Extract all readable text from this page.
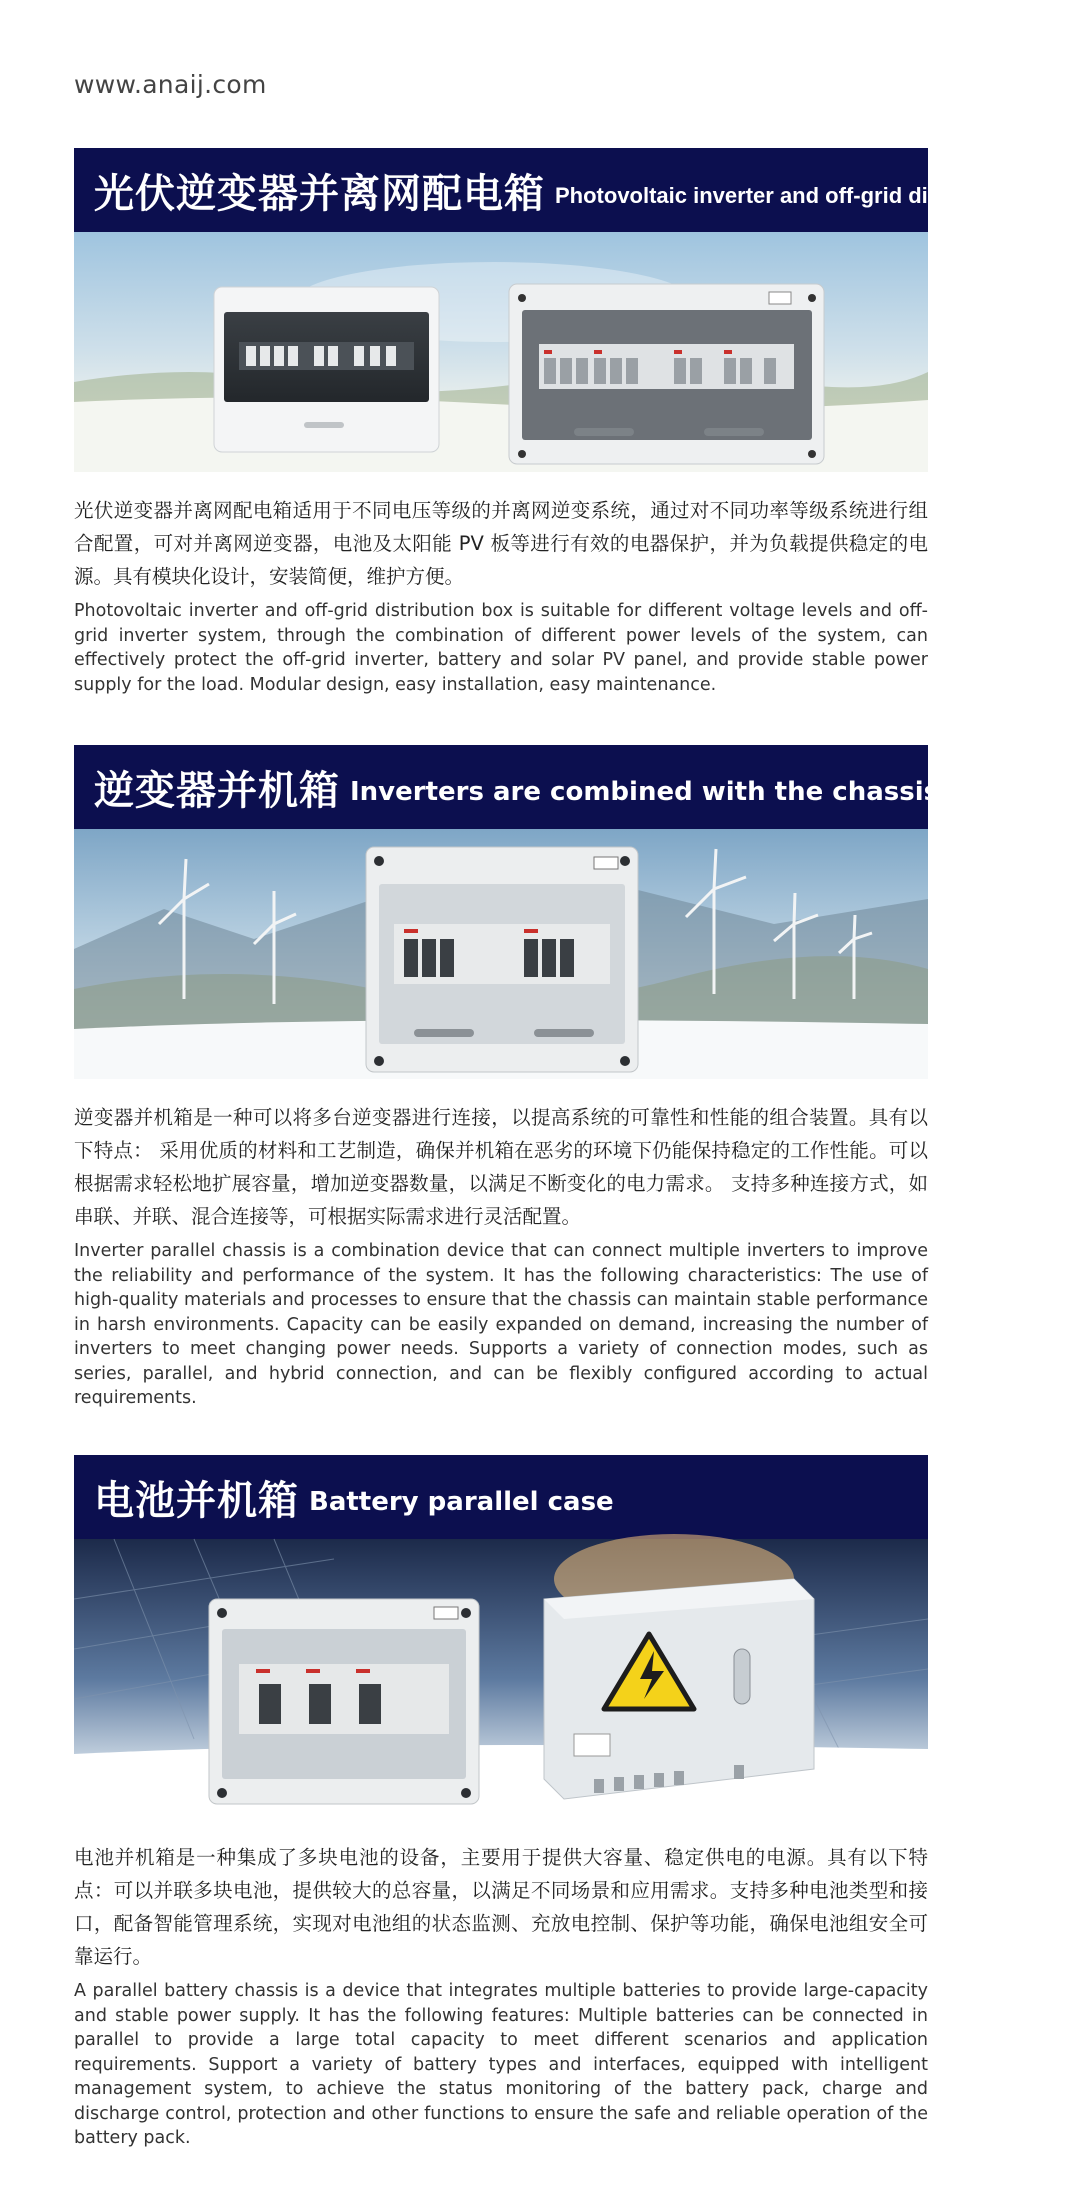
www.anaij.com
光伏逆变器并离网配电箱 Photovoltaic inverter and off-grid distribution box
光伏逆变器并离网配电箱适用于不同电压等级的并离网逆变系统，通过对不同功率等级系统进行组合配置，可对并离网逆变器，电池及太阳能 PV 板等进行有效的电器保护，并为负载提供稳定的电源。具有模块化设计，安装简便，维护方便。
Photovoltaic inverter and off-grid distribution box is suitable for different voltage levels and off-grid inverter system, through the combination of different power levels of the system, can effectively protect the off-grid inverter, battery and solar PV panel, and provide stable power supply for the load. Modular design, easy installation, easy maintenance.
逆变器并机箱 Inverters are combined with the chassis
逆变器并机箱是一种可以将多台逆变器进行连接，以提高系统的可靠性和性能的组合装置。具有以下特点： 采用优质的材料和工艺制造，确保并机箱在恶劣的环境下仍能保持稳定的工作性能。可以根据需求轻松地扩展容量，增加逆变器数量，以满足不断变化的电力需求。 支持多种连接方式，如串联、并联、混合连接等，可根据实际需求进行灵活配置。
Inverter parallel chassis is a combination device that can connect multiple inverters to improve the reliability and performance of the system. It has the following characteristics: The use of high-quality materials and processes to ensure that the chassis can maintain stable performance in harsh environments. Capacity can be easily expanded on demand, increasing the number of inverters to meet changing power needs. Supports a variety of connection modes, such as series, parallel, and hybrid connection, and can be flexibly configured according to actual requirements.
电池并机箱 Battery parallel case
电池并机箱是一种集成了多块电池的设备，主要用于提供大容量、稳定供电的电源。具有以下特点：可以并联多块电池，提供较大的总容量，以满足不同场景和应用需求。支持多种电池类型和接口，配备智能管理系统，实现对电池组的状态监测、充放电控制、保护等功能，确保电池组安全可靠运行。
A parallel battery chassis is a device that integrates multiple batteries to provide large-capacity and stable power supply. It has the following features: Multiple batteries can be connected in parallel to provide a large total capacity to meet different scenarios and application requirements. Support a variety of battery types and interfaces, equipped with intelligent management system, to achieve the status monitoring of the battery pack, charge and discharge control, protection and other functions to ensure the safe and reliable operation of the battery pack.
